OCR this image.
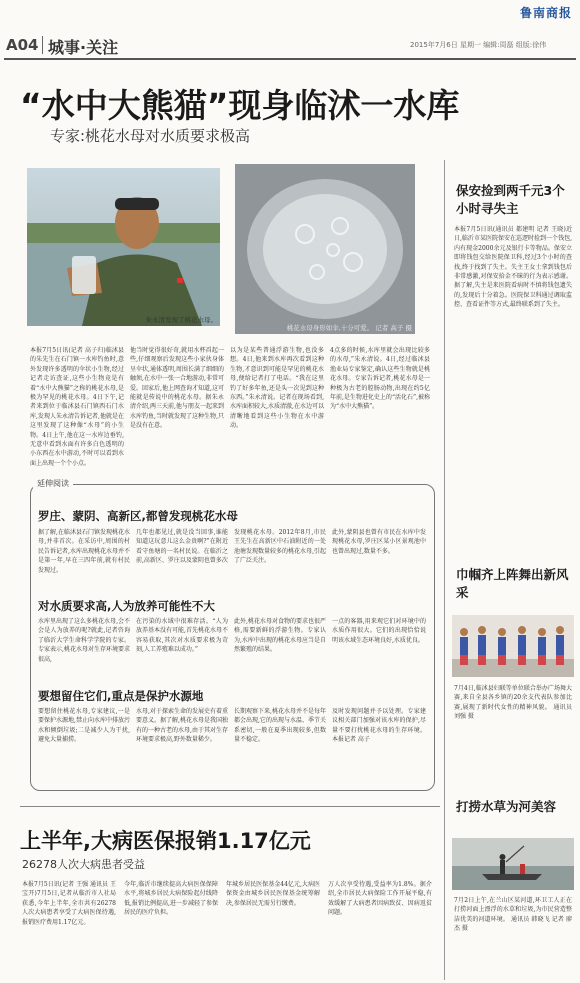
鲁南商报
A04 城事·关注	2015年7月6日 星期一 编辑:周磊 组版:徐伟
“水中大熊猫”现身临沭一水库
专家:桃花水母对水质要求极高
朱永清发现了桃花水母。
桃花水母身形如伞,十分可爱。 记者 高子 摄
本报7月5日讯(记者 高子归)临沭县的朱先生在石门镇一水库钓鱼时,意外发现许多透明的伞状小生物,经过记者走访查证,这些小生物竟是有着“水中大熊猫”之称的桃花水母,是极为罕见的桃花水母。4日下午,记者来到位于临沭县石门镇西石门水库,发现人朱永清告诉记者,他就是在这里发现了这种像“水母”的小生物。4日上午,他在这一水库边垂钓,无意中看到水面有许多白色透明的小东西在水中游动,不时可以看到水面上出现一个个小点。
他当时觉得很好奇,就用水杯舀起一些,仔细观察后发现这些小家伙身体呈伞状,通体透明,周围长满了细细的触须,在水中一张一合地游动,非常可爱。回家后,他上网查询才知道,这可能就是传说中的桃花水母。据朱永清介绍,两三天前,他与朋友一起来到水库钓鱼,当时就发现了这种生物,只是没有在意。
以为是某些普通浮游生物,也没多想。4日,他来到水库再次看到这种生物,才意识到可能是罕见的桃花水母,便给记者打了电话。“我在这里钓了好多年鱼,还是头一次见到这种东西。”朱永清说。记者在现场看到,水库面积较大,水质清澈,在水边可以清晰地看到这些小生物在水中游动。
4点多的时候,水库里就会出现比较多的水母,”朱永清说。4日,经过临沭县渔业局专家鉴定,确认这些生物就是桃花水母。专家告诉记者,桃花水母是一种极为古老的腔肠动物,出现在约5亿年前,是生物进化史上的“活化石”,被称为“水中大熊猫”。
延伸阅读
罗庄、蒙阴、高新区,都曾发现桃花水母
据了解,在临沭县石门镇发现桃花水母,并非首次。在采访中,周围的村民告诉记者,水库出现桃花水母并不是第一年,早在三四年前,就有村民发现过。
几年也都见过,就是没当回事,谁能知道这玩意儿这么金贵啊?”在附近看守鱼塘的一名村民说。在临沂之前,高新区、罗庄以及蒙阴也曾多次
发现桃花水母。2012年8月,市民王先生在高新区中石油附近的一处池塘发现数量较多的桃花水母,引起了广泛关注。
此外,蒙阴县也曾有市民在水库中发现桃花水母,罗庄区某小区景观池中也曾出现过,数量不多。
对水质要求高,人为放养可能性不大
水库里出现了这么多桃花水母,会不会是人为放养的呢?就此,记者咨询了临沂大学生命科学学院的专家。专家表示,桃花水母对生存环境要求很高,
在污染的水域中很难存活。“人为放养基本没有可能,首先桃花水母不容易获取,其次对水质要求极为苛刻,人工养殖难以成功。”
此外,桃花水母对食物的要求也很严格,需要新鲜的浮游生物。专家认为,水库中出现的桃花水母应当是自然繁殖的结果。
一点的客器,用来观它们对环境中的水质作用很大。它们的出现恰恰说明该水域生态环境良好,水质优良。
要想留住它们,重点是保护水源地
要想留住桃花水母,专家建议,一是要保护水源地,禁止向水库中排放污水和倾倒垃圾;二是减少人为干扰,避免大量捕捞。
水母,对于探索生命的发展史有着重要意义。据了解,桃花水母是我国独有的一种古老的水母,由于其对生存环境要求极高,野外数量稀少。
长期观察下来,桃花水母并不是每年都会出现,它的出现与水温、季节关系密切,一般在夏季出现较多,但数量不稳定。
及时发现问题并予以处理。专家建议相关部门加强对该水库的保护,尽量不要打扰桃花水母的生存环境。 本报记者 高子
上半年,大病医保报销1.17亿元
26278人次大病患者受益
本报7月5日讯(记者 王强 通讯员 王宝开)7月5日,记者从临沂市人社局获悉,今年上半年,全市共有26278人次大病患者享受了大病医保待遇,报销医疗费用1.17亿元。
今年,临沂市继续提高大病医保保障水平,将城乡居民大病保险起付线降低,报销比例提高,进一步减轻了参保居民的医疗负担。
年城乡居民医保基金44亿元,大病医保资金由城乡居民医保基金统筹解决,参保居民无需另行缴费。
万人次享受待遇,受益率为1.8%。据介绍,全市居民大病保险工作开展平稳,有效缓解了大病患者因病致贫、因病返贫问题。
保安捡到两千元3个小时寻失主
本报7月5日讯(通讯员 都建明 记者 王晓)近日,临沂市某医院保安在巡逻时捡到一个钱包,内有现金2000余元及银行卡等物品。保安立即将钱包交给医院保卫科,经过3个小时的查找,终于找到了失主。失主王女士拿到钱包后非常感激,对保安拾金不昧的行为表示感谢。据了解,失主是来医院看病时不慎将钱包遗失的,发现后十分着急。医院保卫科通过调取监控、查看证件等方式,最终联系到了失主。
巾帼齐上阵舞出新风采
7月4日,临沭县妇联等单位联合举办广场舞大赛,来自全县各乡镇的20余支代表队参加比赛,展现了新时代女性的精神风貌。 通讯员 刘强 摄
打捞水草为河美容
7月2日上午,在兰山区某河道,环卫工人正在打捞河面上漂浮的水草和垃圾,为市民营造整洁优美的河道环境。 通讯员 韩晓飞 记者 廖杰 摄
